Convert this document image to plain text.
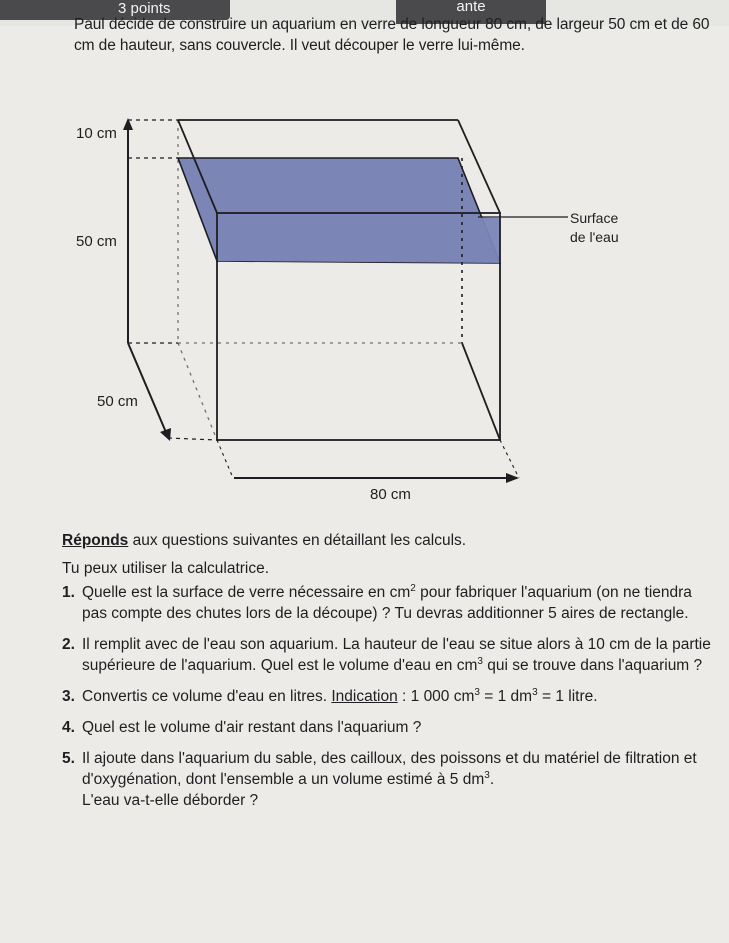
3 points	ante
Paul décide de construire un aquarium en verre de longueur 80 cm, de largeur 50 cm et de 60 cm de hauteur, sans couvercle. Il veut découper le verre lui-même.
10 cm
50 cm
50 cm
80 cm
Surface
de l'eau

Réponds aux questions suivantes en détaillant les calculs.

Tu peux utiliser la calculatrice.

1. Quelle est la surface de verre nécessaire en $cm^2$ pour fabriquer l'aquarium (on ne tiendra pas compte des chutes lors de la découpe) ? Tu devras additionner 5 aires de rectangle.
2. Il remplit avec de l'eau son aquarium. La hauteur de l'eau se situe alors à 10 cm de la partie supérieure de l'aquarium. Quel est le volume d'eau en $cm^3$ qui se trouve dans l'aquarium ?
3. Convertis ce volume d'eau en litres. Indication : 1 000 $cm^3 = 1$ $dm^3 = 1$ litre.
4. Quel est le volume d'air restant dans l'aquarium ?
5. Il ajoute dans l'aquarium du sable, des cailloux, des poissons et du matériel de filtration et d'oxygénation, dont l'ensemble a un volume estimé à 5 $dm^3$.
L'eau va-t-elle déborder ?
